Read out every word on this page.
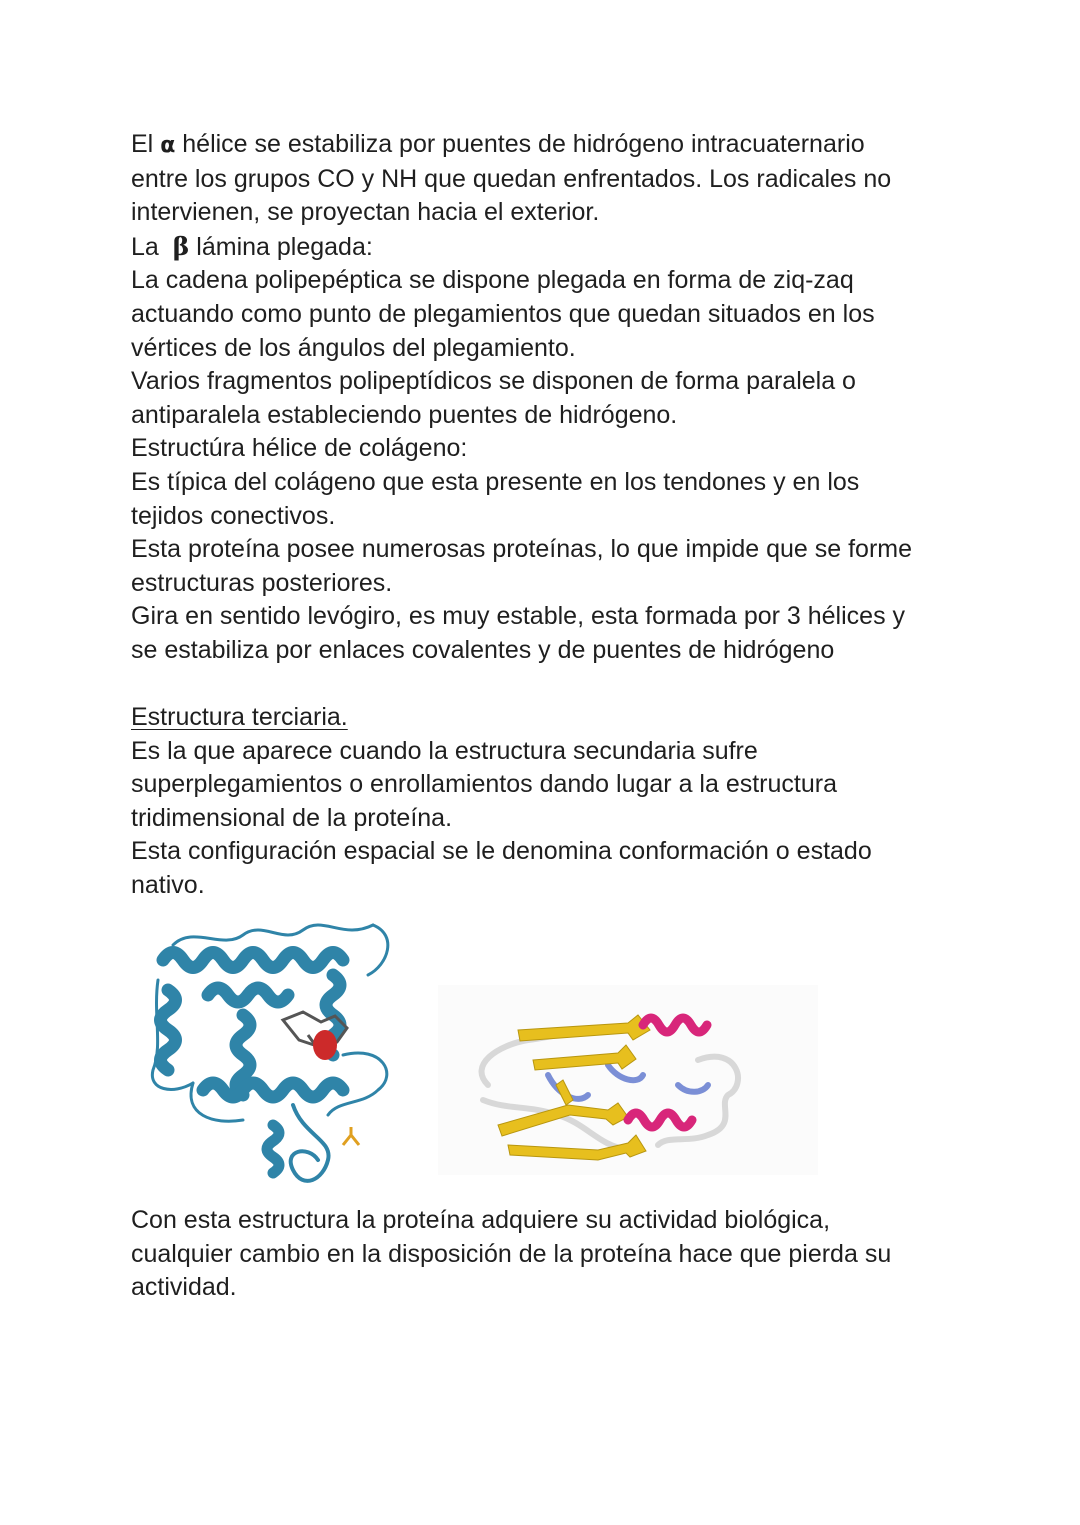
El α hélice se estabiliza por puentes de hidrógeno intracuaternario

entre los grupos CO y NH que quedan enfrentados. Los radicales no

intervienen, se proyectan hacia el exterior.

La β lámina plegada:

La cadena polipepéptica se dispone plegada en forma de ziq-zaq

actuando como punto de plegamientos que quedan situados en los

vértices de los ángulos del plegamiento.

Varios fragmentos polipeptídicos se disponen de forma paralela o

antiparalela estableciendo puentes de hidrógeno.

Estructúra hélice de colágeno:

Es típica del colágeno que esta presente en los tendones y en los

tejidos conectivos.

Esta proteína posee numerosas proteínas, lo que impide que se forme

estructuras posteriores.

Gira en sentido levógiro, es muy estable, esta formada por 3 hélices y

se estabiliza por enlaces covalentes y de puentes de hidrógeno

Estructura terciaria.

Es la que aparece cuando la estructura secundaria sufre

superplegamientos o enrollamientos dando lugar a la estructura

tridimensional de la proteína.

Esta configuración espacial se le denomina conformación o estado

nativo.

Con esta estructura la proteína adquiere su actividad biológica,

cualquier cambio en la disposición de la proteína hace que pierda su

actividad.
